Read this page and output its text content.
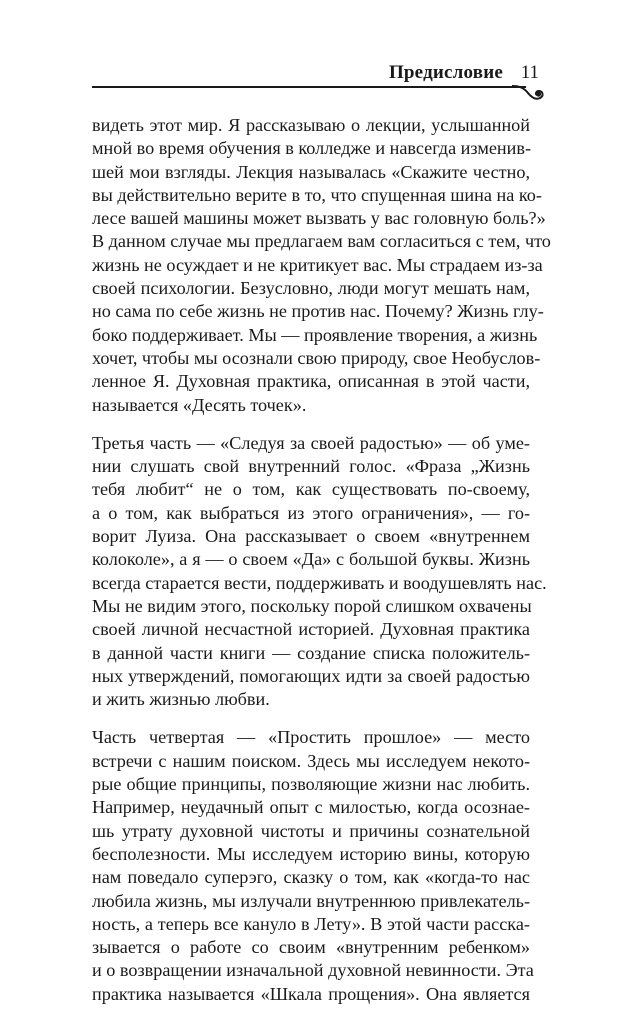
Предисловие 11
видеть этот мир. Я рассказываю о лекции, услышанной
мной во время обучения в колледже и навсегда изменив-
шей мои взгляды. Лекция называлась «Скажите честно,
вы действительно верите в то, что спущенная шина на ко-
лесе вашей машины может вызвать у вас головную боль?»
В данном случае мы предлагаем вам согласиться с тем, что
жизнь не осуждает и не критикует вас. Мы страдаем из-за
своей психологии. Безусловно, люди могут мешать нам,
но сама по себе жизнь не против нас. Почему? Жизнь глу-
боко поддерживает. Мы — проявление творения, а жизнь
хочет, чтобы мы осознали свою природу, свое Необуслов-
ленное Я. Духовная практика, описанная в этой части,
называется «Десять точек».
Третья часть — «Следуя за своей радостью» — об уме-
нии слушать свой внутренний голос. «Фраза „Жизнь
тебя любит“ не о том, как существовать по-своему,
а о том, как выбраться из этого ограничения», — го-
ворит Луиза. Она рассказывает о своем «внутреннем
колоколе», а я — о своем «Да» с большой буквы. Жизнь
всегда старается вести, поддерживать и воодушевлять нас.
Мы не видим этого, поскольку порой слишком охвачены
своей личной несчастной историей. Духовная практика
в данной части книги — создание списка положитель-
ных утверждений, помогающих идти за своей радостью
и жить жизнью любви.
Часть четвертая — «Простить прошлое» — место
встречи с нашим поиском. Здесь мы исследуем некото-
рые общие принципы, позволяющие жизни нас любить.
Например, неудачный опыт с милостью, когда осознае-
шь утрату духовной чистоты и причины сознательной
бесполезности. Мы исследуем историю вины, которую
нам поведало суперэго, сказку о том, как «когда-то нас
любила жизнь, мы излучали внутреннюю привлекатель-
ность, а теперь все кануло в Лету». В этой части расска-
зывается о работе со своим «внутренним ребенком»
и о возвращении изначальной духовной невинности. Эта
практика называется «Шкала прощения». Она является
